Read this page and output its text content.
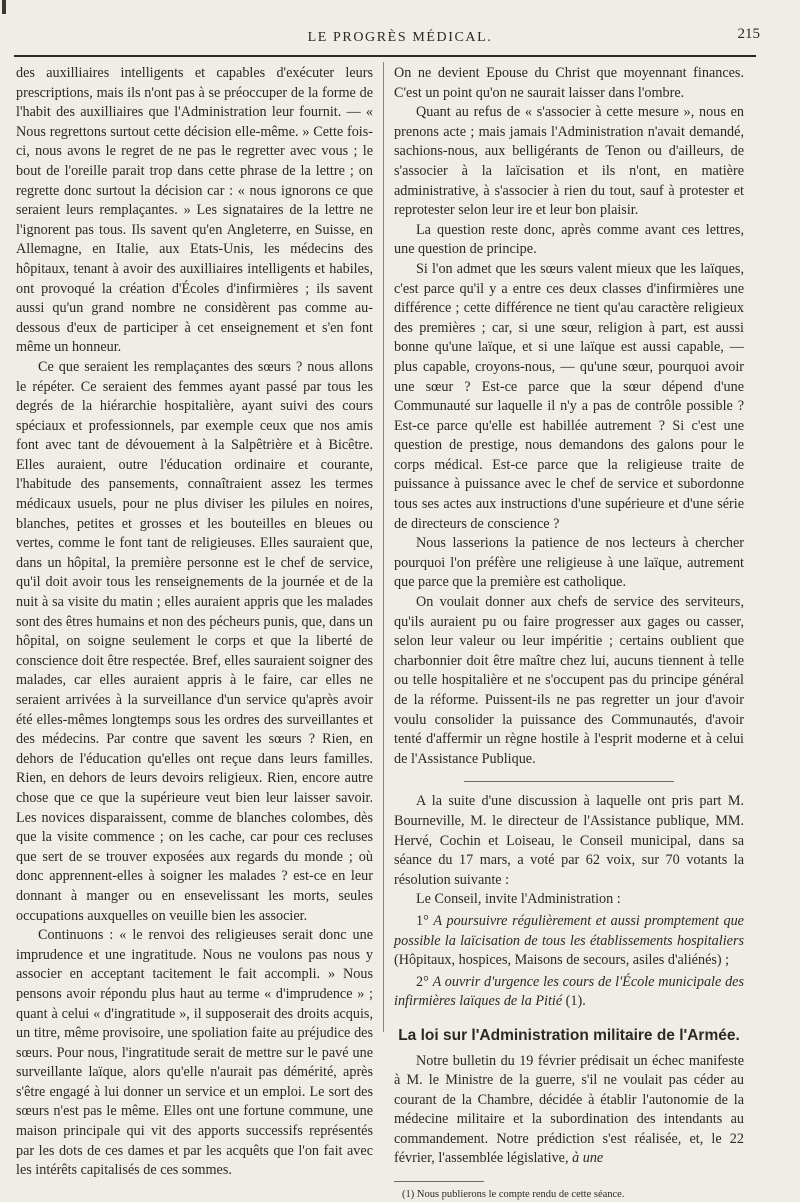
LE PROGRÈS MÉDICAL.	215

des auxilliaires intelligents et capables d'exécuter leurs prescriptions, mais ils n'ont pas à se préoccuper de la forme de l'habit des auxilliaires que l'Administration leur fournit. — « Nous regrettons surtout cette décision elle-même. » Cette fois-ci, nous avons le regret de ne pas le regretter avec vous ; le bout de l'oreille parait trop dans cette phrase de la lettre ; on regrette donc surtout la décision car : « nous ignorons ce que seraient leurs remplaçantes. » Les signataires de la lettre ne l'ignorent pas tous. Ils savent qu'en Angleterre, en Suisse, en Allemagne, en Italie, aux Etats-Unis, les médecins des hôpitaux, tenant à avoir des auxilliaires intelligents et habiles, ont provoqué la création d'Écoles d'infirmières ; ils savent aussi qu'un grand nombre ne considèrent pas comme au-dessous d'eux de participer à cet enseignement et s'en font même un honneur.

Ce que seraient les remplaçantes des sœurs ? nous allons le répéter. Ce seraient des femmes ayant passé par tous les degrés de la hiérarchie hospitalière, ayant suivi des cours spéciaux et professionnels, par exemple ceux que nos amis font avec tant de dévouement à la Salpêtrière et à Bicêtre. Elles auraient, outre l'éducation ordinaire et courante, l'habitude des pansements, connaîtraient assez les termes médicaux usuels, pour ne plus diviser les pilules en noires, blanches, petites et grosses et les bouteilles en bleues ou vertes, comme le font tant de religieuses. Elles sauraient que, dans un hôpital, la première personne est le chef de service, qu'il doit avoir tous les renseignements de la journée et de la nuit à sa visite du matin ; elles auraient appris que les malades sont des êtres humains et non des pécheurs punis, que, dans un hôpital, on soigne seulement le corps et que la liberté de conscience doit être respectée. Bref, elles sauraient soigner des malades, car elles auraient appris à le faire, car elles ne seraient arrivées à la surveillance d'un service qu'après avoir été elles-mêmes longtemps sous les ordres des surveillantes et des médecins. Par contre que savent les sœurs ? Rien, en dehors de l'éducation qu'elles ont reçue dans leurs familles. Rien, en dehors de leurs devoirs religieux. Rien, encore autre chose que ce que la supérieure veut bien leur laisser savoir. Les novices disparaissent, comme de blanches colombes, dès que la visite commence ; on les cache, car pour ces recluses que sert de se trouver exposées aux regards du monde ; où donc apprennent-elles à soigner les malades ? est-ce en leur donnant à manger ou en ensevelissant les morts, seules occupations auxquelles on veuille bien les associer.

Continuons : « le renvoi des religieuses serait donc une imprudence et une ingratitude. Nous ne voulons pas nous y associer en acceptant tacitement le fait accompli. » Nous pensons avoir répondu plus haut au terme « d'imprudence » ; quant à celui « d'ingratitude », il supposerait des droits acquis, un titre, même provisoire, une spoliation faite au préjudice des sœurs. Pour nous, l'ingratitude serait de mettre sur le pavé une surveillante laïque, alors qu'elle n'aurait pas démérité, après s'être engagé à lui donner un service et un emploi. Le sort des sœurs n'est pas le même. Elles ont une fortune commune, une maison principale qui vit des apports successifs représentés par les dots de ces dames et par les acquêts que l'on fait avec les intérêts capitalisés de ces sommes.

On ne devient Epouse du Christ que moyennant finances. C'est un point qu'on ne saurait laisser dans l'ombre.

Quant au refus de « s'associer à cette mesure », nous en prenons acte ; mais jamais l'Administration n'avait demandé, sachions-nous, aux belligérants de Tenon ou d'ailleurs, de s'associer à la laïcisation et ils n'ont, en matière administrative, à s'associer à rien du tout, sauf à protester et reprotester selon leur ire et leur bon plaisir.

La question reste donc, après comme avant ces lettres, une question de principe.

Si l'on admet que les sœurs valent mieux que les laïques, c'est parce qu'il y a entre ces deux classes d'infirmières une différence ; cette différence ne tient qu'au caractère religieux des premières ; car, si une sœur, religion à part, est aussi bonne qu'une laïque, et si une laïque est aussi capable, — plus capable, croyons-nous, — qu'une sœur, pourquoi avoir une sœur ? Est-ce parce que la sœur dépend d'une Communauté sur laquelle il n'y a pas de contrôle possible ? Est-ce parce qu'elle est habillée autrement ? Si c'est une question de prestige, nous demandons des galons pour le corps médical. Est-ce parce que la religieuse traite de puissance à puissance avec le chef de service et subordonne tous ses actes aux instructions d'une supérieure et d'une série de directeurs de conscience ?

Nous lasserions la patience de nos lecteurs à chercher pourquoi l'on préfère une religieuse à une laïque, autrement que parce que la première est catholique.

On voulait donner aux chefs de service des serviteurs, qu'ils auraient pu ou faire progresser aux gages ou casser, selon leur valeur ou leur impéritie ; certains oublient que charbonnier doit être maître chez lui, aucuns tiennent à telle ou telle hospitalière et ne s'occupent pas du principe général de la réforme. Puissent-ils ne pas regretter un jour d'avoir voulu consolider la puissance des Communautés, d'avoir tenté d'affermir un règne hostile à l'esprit moderne et à celui de l'Assistance Publique.

A la suite d'une discussion à laquelle ont pris part M. Bourneville, M. le directeur de l'Assistance publique, MM. Hervé, Cochin et Loiseau, le Conseil municipal, dans sa séance du 17 mars, a voté par 62 voix, sur 70 votants la résolution suivante :

Le Conseil, invite l'Administration :

1° A poursuivre régulièrement et aussi promptement que possible la laïcisation de tous les établissements hospitaliers (Hôpitaux, hospices, Maisons de secours, asiles d'aliénés) ;

2° A ouvrir d'urgence les cours de l'École municipale des infirmières laïques de la Pitié (1).

La loi sur l'Administration militaire de l'Armée.

Notre bulletin du 19 février prédisait un échec manifeste à M. le Ministre de la guerre, s'il ne voulait pas céder au courant de la Chambre, décidée à établir l'autonomie de la médecine militaire et la subordination des intendants au commandement. Notre prédiction s'est réalisée, et, le 22 février, l'assemblée législative, à une

(1) Nous publierons le compte rendu de cette séance.
